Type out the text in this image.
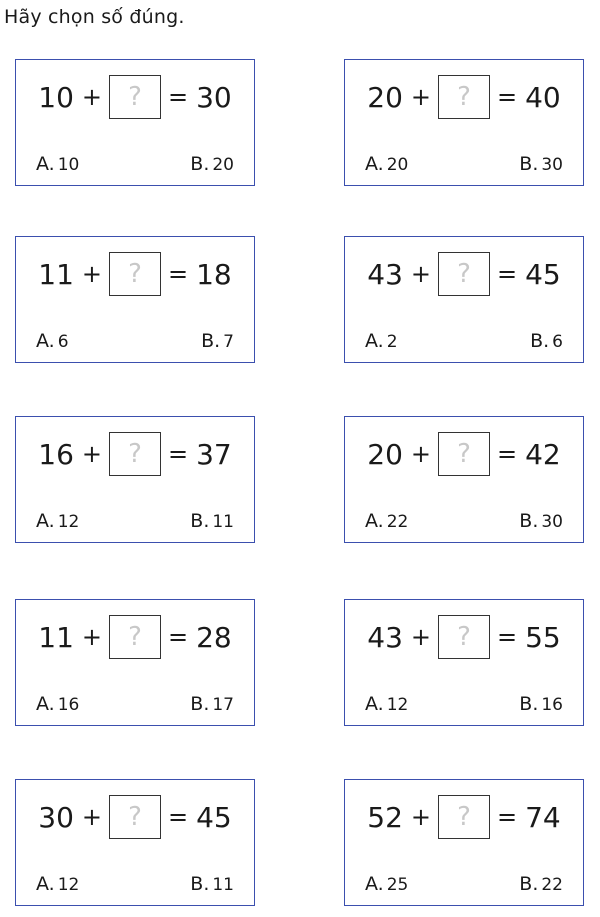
Hãy chọn số đúng.
10 + ? = 30
A. 10	B. 20
20 + ? = 40
A. 20	B. 30
11 + ? = 18
A. 6	B. 7
43 + ? = 45
A. 2	B. 6
16 + ? = 37
A. 12	B. 11
20 + ? = 42
A. 22	B. 30
11 + ? = 28
A. 16	B. 17
43 + ? = 55
A. 12	B. 16
30 + ? = 45
A. 12	B. 11
52 + ? = 74
A. 25	B. 22
